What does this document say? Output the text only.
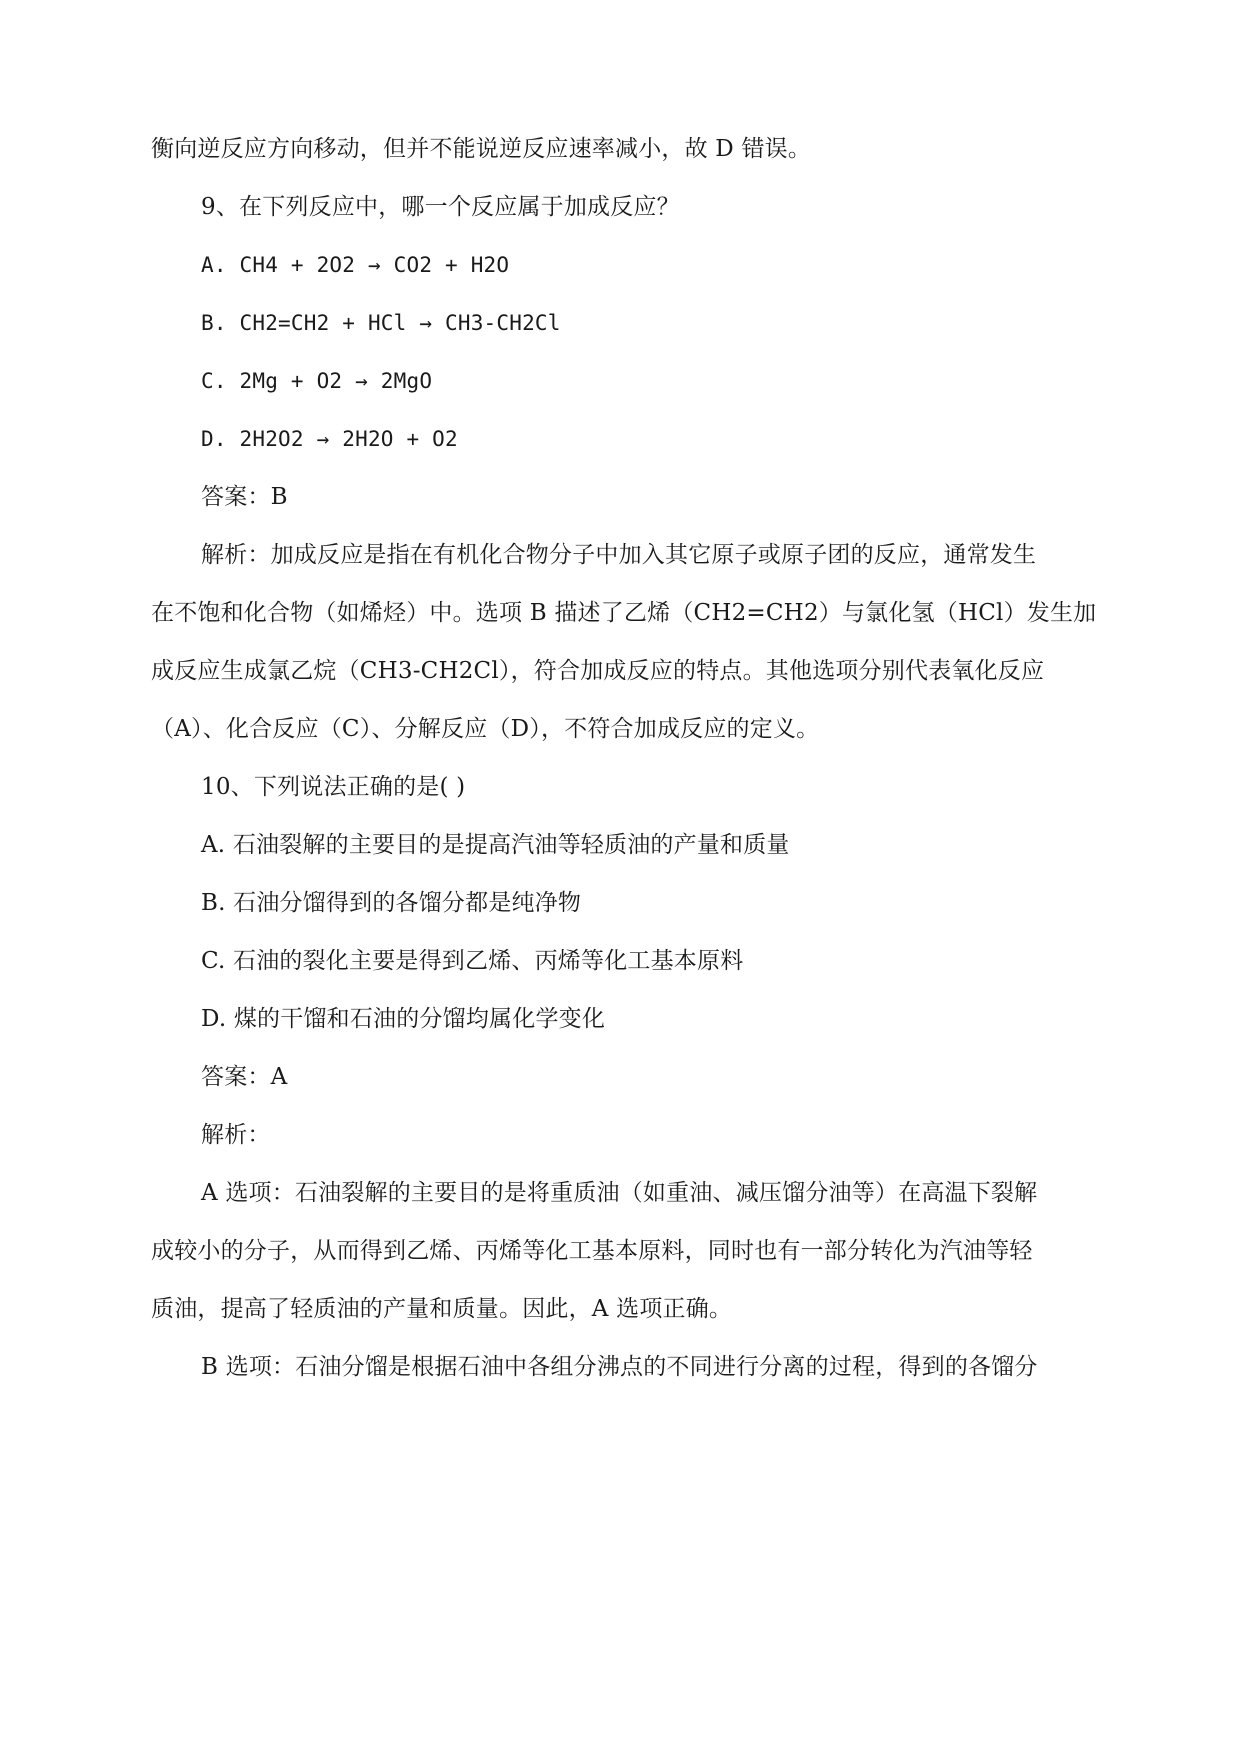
衡向逆反应方向移动，但并不能说逆反应速率减小，故 D 错误。
9、在下列反应中，哪一个反应属于加成反应？
A. CH4 + 2O2 → CO2 + H2O
B. CH2=CH2 + HCl → CH3-CH2Cl
C. 2Mg + O2 → 2MgO
D. 2H2O2 → 2H2O + O2
答案：B
解析：加成反应是指在有机化合物分子中加入其它原子或原子团的反应，通常发生
在不饱和化合物（如烯烃）中。选项 B 描述了乙烯（CH2=CH2）与氯化氢（HCl）发生加
成反应生成氯乙烷（CH3-CH2Cl），符合加成反应的特点。其他选项分别代表氧化反应
（A）、化合反应（C）、分解反应（D），不符合加成反应的定义。
10、下列说法正确的是( )
A. 石油裂解的主要目的是提高汽油等轻质油的产量和质量
B. 石油分馏得到的各馏分都是纯净物
C. 石油的裂化主要是得到乙烯、丙烯等化工基本原料
D. 煤的干馏和石油的分馏均属化学变化
答案：A
解析：
A 选项：石油裂解的主要目的是将重质油（如重油、减压馏分油等）在高温下裂解
成较小的分子，从而得到乙烯、丙烯等化工基本原料，同时也有一部分转化为汽油等轻
质油，提高了轻质油的产量和质量。因此，A 选项正确。
B 选项：石油分馏是根据石油中各组分沸点的不同进行分离的过程，得到的各馏分
